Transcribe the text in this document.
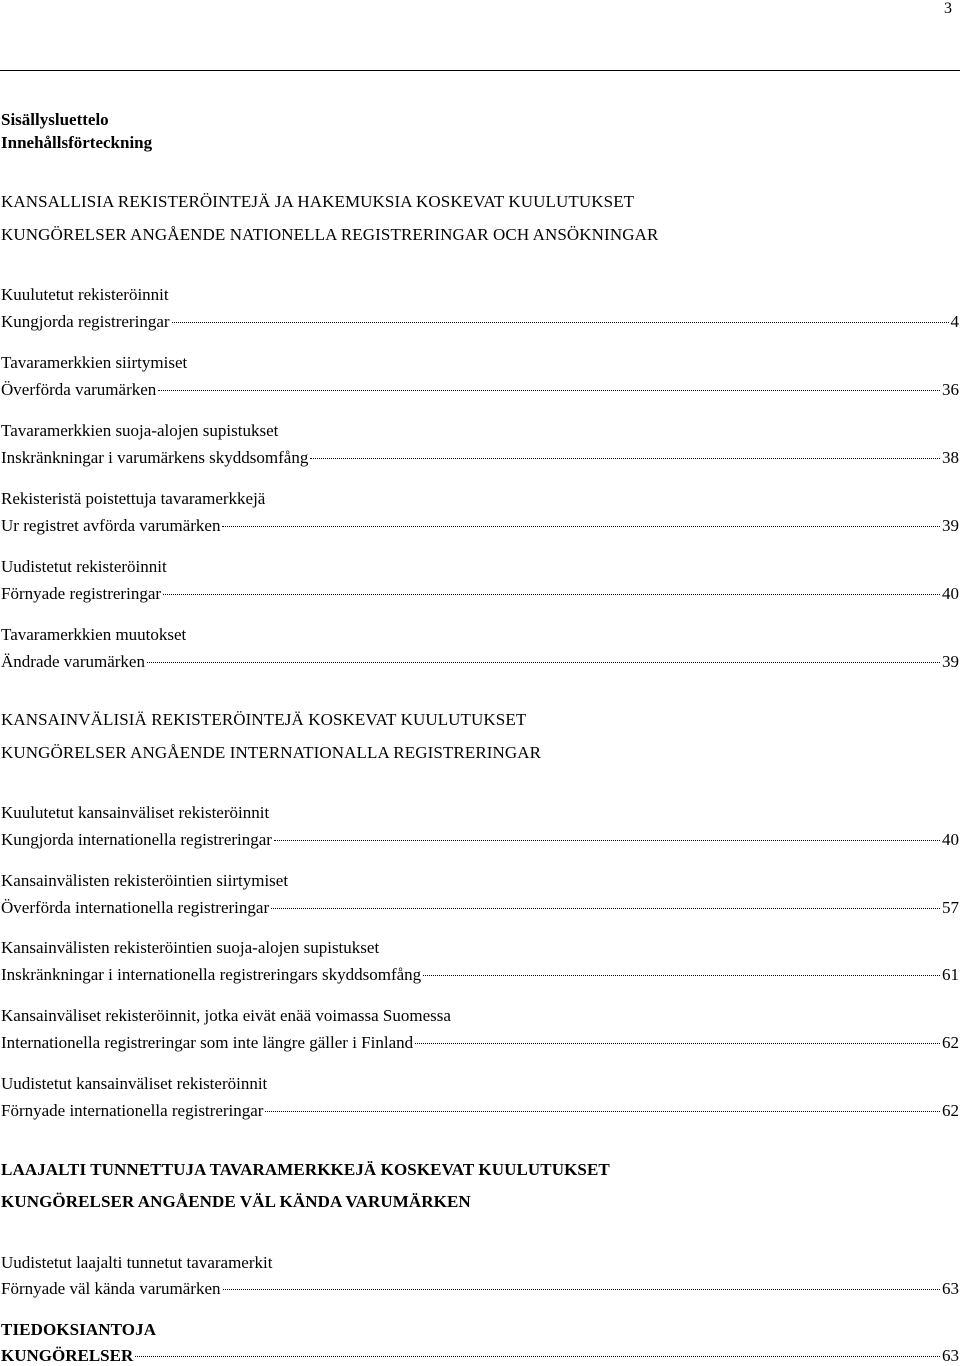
3
Sisällysluettelo
Innehållsförteckning
KANSALLISIA REKISTERÖINTEJÄ JA HAKEMUKSIA KOSKEVAT KUULUTUKSET
KUNGÖRELSER ANGÅENDE NATIONELLA REGISTRERINGAR OCH ANSÖKNINGAR
Kuulutetut rekisteröinnit
Kungjorda registreringar	4
Tavaramerkkien siirtymiset
Överförda varumärken	36
Tavaramerkkien suoja-alojen supistukset
Inskränkningar i varumärkens skyddsomfång	38
Rekisteristä poistettuja tavaramerkkejä
Ur registret avförda varumärken	39
Uudistetut rekisteröinnit
Förnyade registreringar	40
Tavaramerkkien muutokset
Ändrade varumärken	39
KANSAINVÄLISIÄ REKISTERÖINTEJÄ KOSKEVAT KUULUTUKSET
KUNGÖRELSER ANGÅENDE INTERNATIONALLA REGISTRERINGAR
Kuulutetut kansainväliset rekisteröinnit
Kungjorda internationella registreringar	40
Kansainvälisten rekisteröintien siirtymiset
Överförda internationella registreringar	57
Kansainvälisten rekisteröintien suoja-alojen supistukset
Inskränkningar i internationella registreringars skyddsomfång	61
Kansainväliset rekisteröinnit, jotka eivät enää voimassa Suomessa
Internationella registreringar som inte längre gäller i Finland	62
Uudistetut kansainväliset rekisteröinnit
Förnyade internationella registreringar	62
LAAJALTI TUNNETTUJA TAVARAMERKKEJÄ KOSKEVAT KUULUTUKSET
KUNGÖRELSER ANGÅENDE VÄL KÄNDA VARUMÄRKEN
Uudistetut laajalti tunnetut tavaramerkit
Förnyade väl kända varumärken	63
TIEDOKSIANTOJA
KUNGÖRELSER	63
